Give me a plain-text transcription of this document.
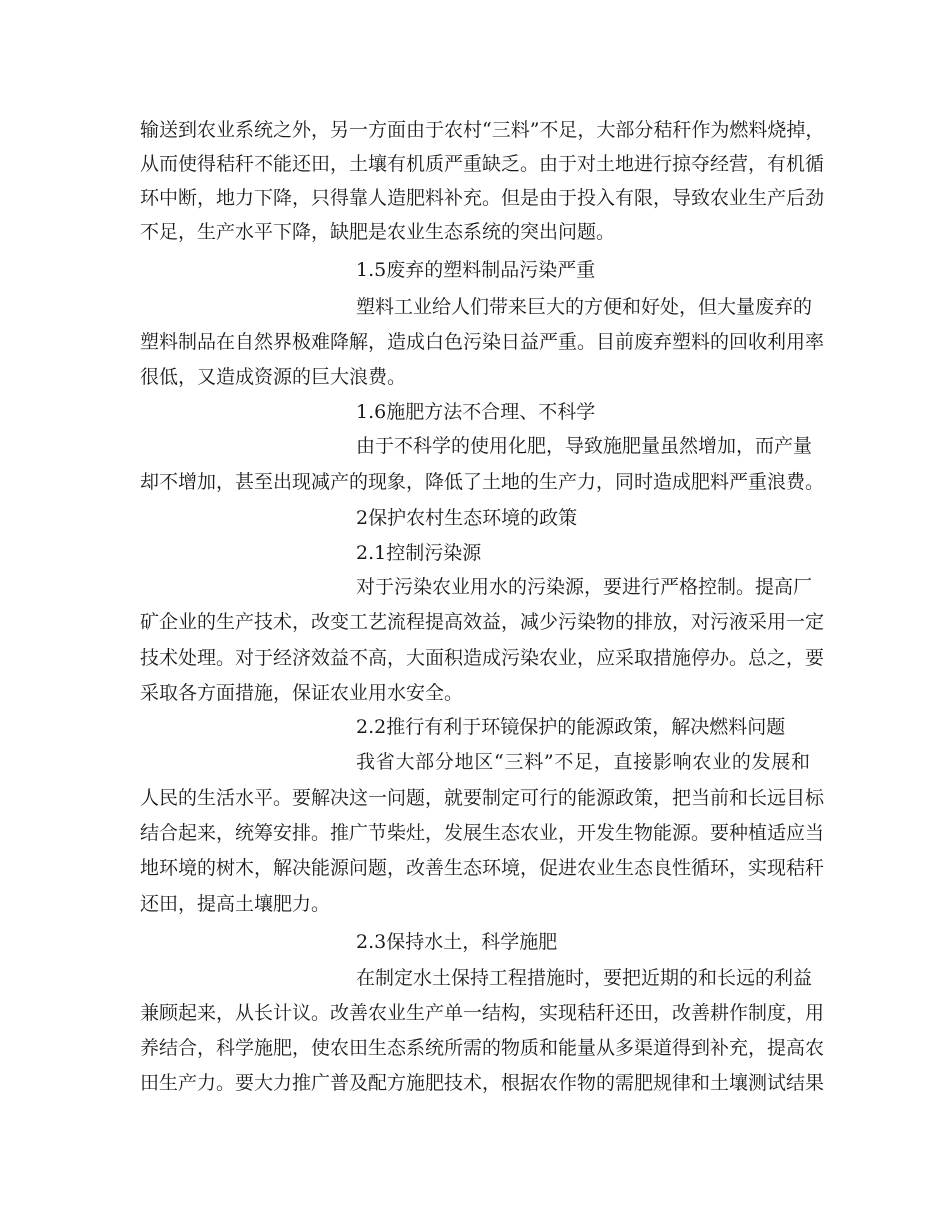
输送到农业系统之外，另一方面由于农村“三料”不足，大部分秸秆作为燃料烧掉，
从而使得秸秆不能还田，土壤有机质严重缺乏。由于对土地进行掠夺经营，有机循
环中断，地力下降，只得靠人造肥料补充。但是由于投入有限，导致农业生产后劲
不足，生产水平下降，缺肥是农业生态系统的突出问题。
1.5废弃的塑料制品污染严重
塑料工业给人们带来巨大的方便和好处，但大量废弃的
塑料制品在自然界极难降解，造成白色污染日益严重。目前废弃塑料的回收利用率
很低，又造成资源的巨大浪费。
1.6施肥方法不合理、不科学
由于不科学的使用化肥，导致施肥量虽然增加，而产量
却不增加，甚至出现减产的现象，降低了土地的生产力，同时造成肥料严重浪费。
2保护农村生态环境的政策
2.1控制污染源
对于污染农业用水的污染源，要进行严格控制。提高厂
矿企业的生产技术，改变工艺流程提高效益，减少污染物的排放，对污液采用一定
技术处理。对于经济效益不高，大面积造成污染农业，应采取措施停办。总之，要
采取各方面措施，保证农业用水安全。
2.2推行有利于环镜保护的能源政策，解决燃料问题
我省大部分地区“三料”不足，直接影响农业的发展和
人民的生活水平。要解决这一问题，就要制定可行的能源政策，把当前和长远目标
结合起来，统筹安排。推广节柴灶，发展生态农业，开发生物能源。要种植适应当
地环境的树木，解决能源问题，改善生态环境，促进农业生态良性循环，实现秸秆
还田，提高土壤肥力。
2.3保持水土，科学施肥
在制定水土保持工程措施时，要把近期的和长远的利益
兼顾起来，从长计议。改善农业生产单一结构，实现秸秆还田，改善耕作制度，用
养结合，科学施肥，使农田生态系统所需的物质和能量从多渠道得到补充，提高农
田生产力。要大力推广普及配方施肥技术，根据农作物的需肥规律和土壤测试结果
